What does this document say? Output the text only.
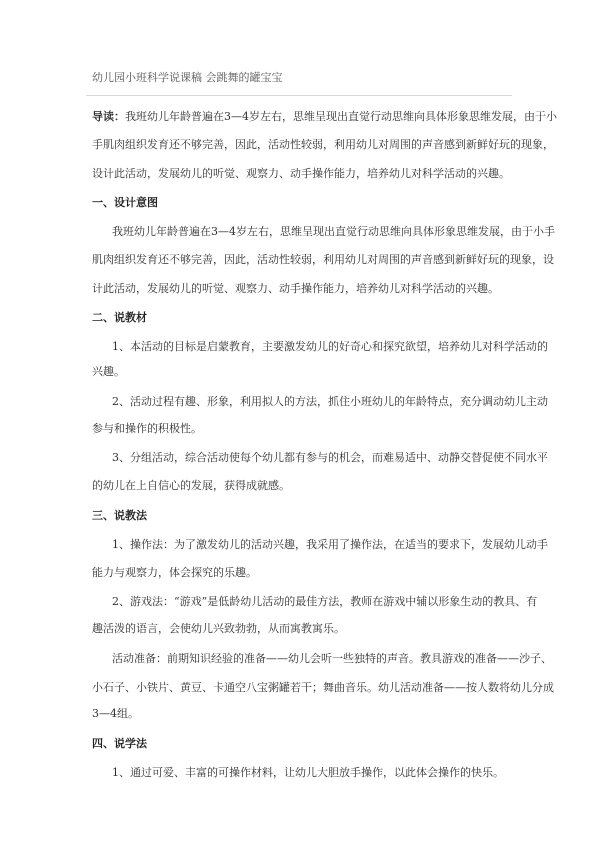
幼儿园小班科学说课稿 会跳舞的罐宝宝
导读：我班幼儿年龄普遍在3—4岁左右，思维呈现出直觉行动思维向具体形象思维发展，由于小
手肌肉组织发育还不够完善，因此，活动性较弱，利用幼儿对周围的声音感到新鲜好玩的现象，
设计此活动，发展幼儿的听觉、观察力、动手操作能力，培养幼儿对科学活动的兴趣。
一、设计意图
我班幼儿年龄普遍在3—4岁左右，思维呈现出直觉行动思维向具体形象思维发展，由于小手
肌肉组织发育还不够完善，因此，活动性较弱，利用幼儿对周围的声音感到新鲜好玩的现象，设
计此活动，发展幼儿的听觉、观察力、动手操作能力，培养幼儿对科学活动的兴趣。
二、说教材
1、本活动的目标是启蒙教育，主要激发幼儿的好奇心和探究欲望，培养幼儿对科学活动的
兴趣。
2、活动过程有趣、形象，利用拟人的方法，抓住小班幼儿的年龄特点，充分调动幼儿主动
参与和操作的积极性。
3、分组活动，综合活动使每个幼儿都有参与的机会，而难易适中、动静交替促使不同水平
的幼儿在上自信心的发展，获得成就感。
三、说教法
1、操作法：为了激发幼儿的活动兴趣，我采用了操作法，在适当的要求下，发展幼儿动手
能力与观察力，体会探究的乐趣。
2、游戏法：“游戏”是低龄幼儿活动的最佳方法，教师在游戏中辅以形象生动的教具、有
趣活泼的语言，会使幼儿兴致勃勃，从而寓教寓乐。
活动准备：前期知识经验的准备——幼儿会听一些独特的声音。教具游戏的准备——沙子、
小石子、小铁片、黄豆、卡通空八宝粥罐若干；舞曲音乐。幼儿活动准备——按人数将幼儿分成
3—4组。
四、说学法
1、通过可爱、丰富的可操作材料，让幼儿大胆放手操作，以此体会操作的快乐。
